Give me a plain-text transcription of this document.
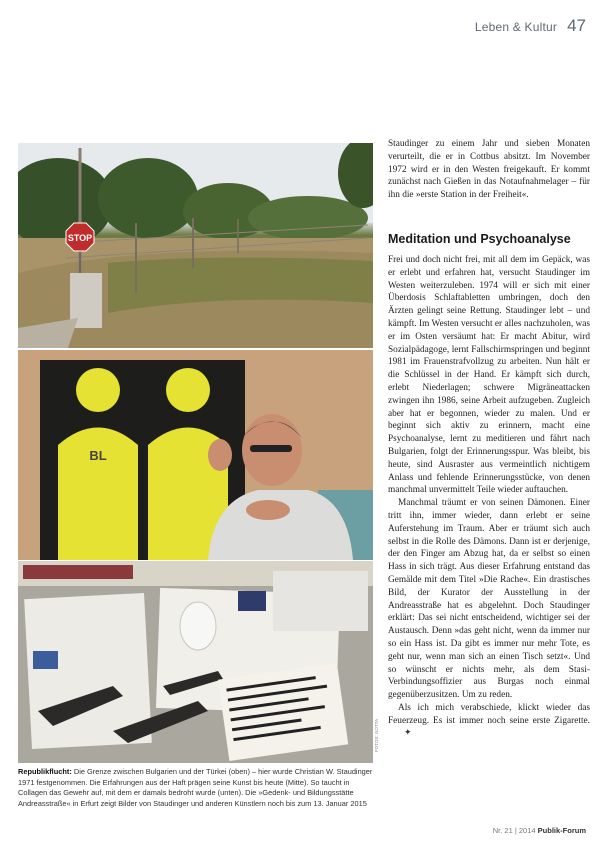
Leben & Kultur 47
STOP
BL
FOTOS: GOTTA

Republikflucht: Die Grenze zwischen Bulgarien und der Türkei (oben) – hier wurde Christian W. Staudinger 1971 festgenommen. Die Erfahrungen aus der Haft prägen seine Kunst bis heute (Mitte). So taucht in Collagen das Gewehr auf, mit dem er damals bedroht wurde (unten). Die »Gedenk- und Bildungsstätte Andreasstraße« in Erfurt zeigt Bilder von Staudinger und anderen Künstlern noch bis zum 13. Januar 2015

Staudinger zu einem Jahr und sieben Monaten verurteilt, die er in Cottbus absitzt. Im November 1972 wird er in den Westen freigekauft. Er kommt zunächst nach Gießen in das Notaufnahmelager – für ihn die »erste Station in der Freiheit«.

Meditation und Psychoanalyse

Frei und doch nicht frei, mit all dem im Gepäck, was er erlebt und erfahren hat, versucht Staudinger im Westen weiterzuleben. 1974 will er sich mit einer Überdosis Schlaftabletten umbringen, doch den Ärzten gelingt seine Rettung. Staudinger lebt – und kämpft. Im Westen versucht er alles nachzuholen, was er im Osten versäumt hat: Er macht Abitur, wird Sozialpädagoge, lernt Fallschirmspringen und beginnt 1981 im Frauenstrafvollzug zu arbeiten. Nun hält er die Schlüssel in der Hand. Er kämpft sich durch, erlebt Niederlagen; schwere Migräneattacken zwingen ihn 1986, seine Arbeit aufzugeben. Zugleich aber hat er begonnen, wieder zu malen. Und er beginnt sich aktiv zu erinnern, macht eine Psychoanalyse, lernt zu meditieren und fährt nach Bulgarien, folgt der Erinnerungsspur. Was bleibt, bis heute, sind Ausraster aus vermeintlich nichtigem Anlass und fehlende Erinnerungsstücke, von denen manchmal unvermittelt Teile wieder auftauchen.

Manchmal träumt er von seinen Dämonen. Einer tritt ihn, immer wieder, dann erlebt er seine Auferstehung im Traum. Aber er träumt sich auch selbst in die Rolle des Dämons. Dann ist er derjenige, der den Finger am Abzug hat, da er selbst so einen Hass in sich trägt. Aus dieser Erfahrung entstand das Gemälde mit dem Titel »Die Rache«. Ein drastisches Bild, der Kurator der Ausstellung in der Andreasstraße hat es abgelehnt. Doch Staudinger erklärt: Das sei nicht entscheidend, wichtiger sei der Austausch. Denn »das geht nicht, wenn da immer nur so ein Hass ist. Da gibt es immer nur mehr Tote, es geht nur, wenn man sich an einen Tisch setzt«. Und so wünscht er nichts mehr, als dem Stasi-Verbindungsoffizier aus Burgas noch einmal gegenüberzusitzen. Um zu reden.

Als ich mich verabschiede, klickt wieder das Feuerzeug. Es ist immer noch seine erste Zigarette.✦

Nr. 21 | 2014 Publik-Forum
